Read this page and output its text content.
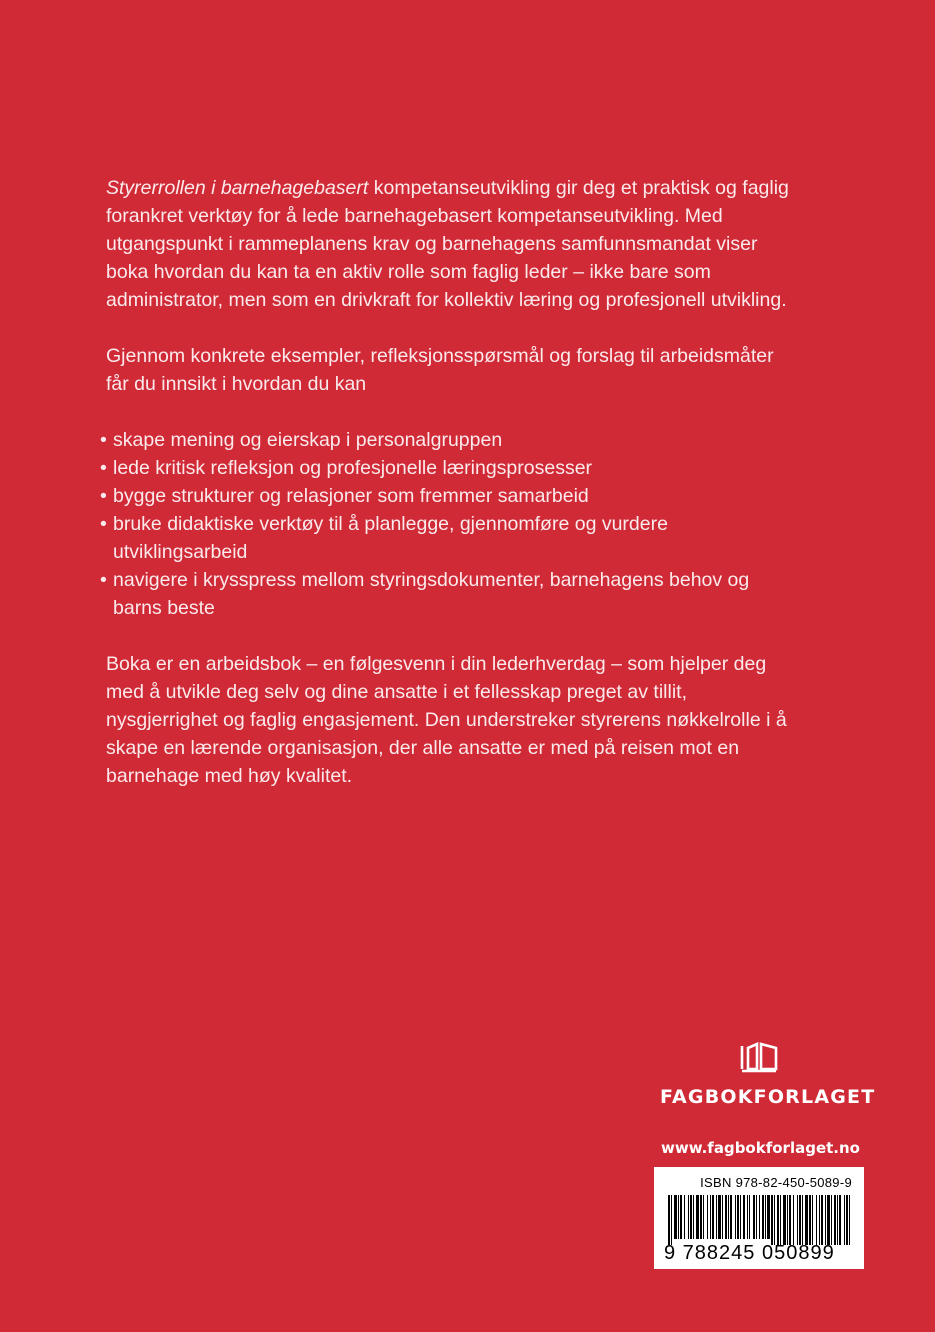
Styrerrollen i barnehagebasert kompetanseutvikling gir deg et praktisk og faglig forankret verktøy for å lede barnehagebasert kompetanseutvikling. Med utgangspunkt i rammeplanens krav og barnehagens samfunnsmandat viser boka hvordan du kan ta en aktiv rolle som faglig leder – ikke bare som administrator, men som en drivkraft for kollektiv læring og profesjonell utvikling.

Gjennom konkrete eksempler, refleksjonsspørsmål og forslag til arbeidsmåter får du innsikt i hvordan du kan

• skape mening og eierskap i personalgruppen
• lede kritisk refleksjon og profesjonelle læringsprosesser
• bygge strukturer og relasjoner som fremmer samarbeid
• bruke didaktiske verktøy til å planlegge, gjennomføre og vurdere utviklingsarbeid
• navigere i krysspress mellom styringsdokumenter, barnehagens behov og barns beste

Boka er en arbeidsbok – en følgesvenn i din lederhverdag – som hjelper deg med å utvikle deg selv og dine ansatte i et fellesskap preget av tillit, nysgjerrighet og faglig engasjement. Den understreker styrerens nøkkelrolle i å skape en lærende organisasjon, der alle ansatte er med på reisen mot en barnehage med høy kvalitet.

FAGBOKFORLAGET
www.fagbokforlaget.no
ISBN 978-82-450-5089-9
9 788245 050899
